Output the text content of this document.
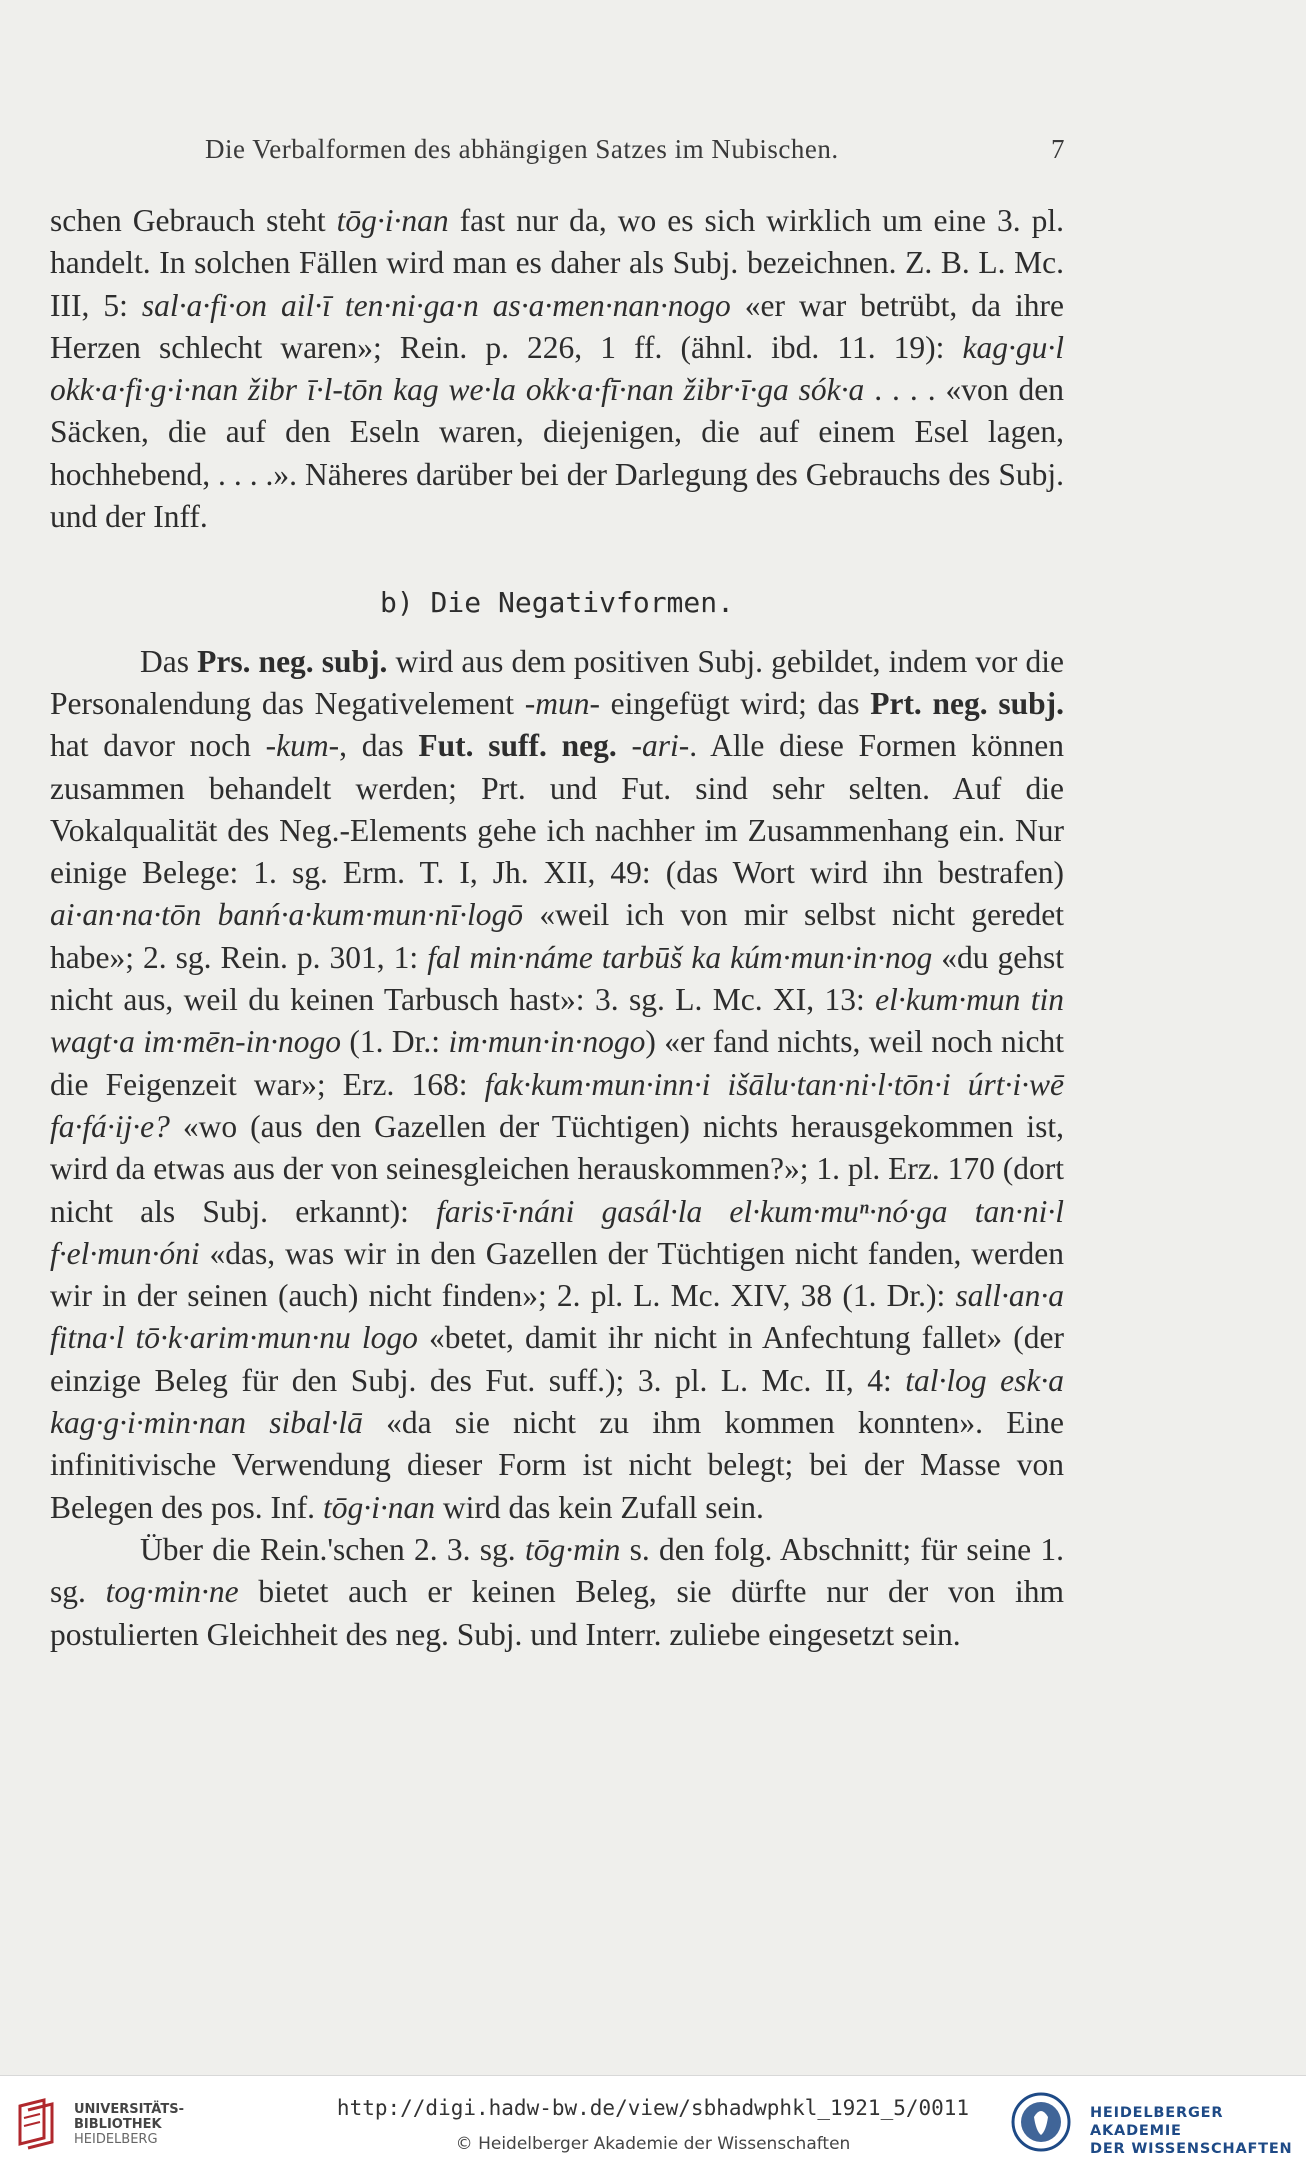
Die Verbalformen des abhängigen Satzes im Nubischen.	7

schen Gebrauch steht tōg·i·nan fast nur da, wo es sich wirklich um eine 3. pl. handelt. In solchen Fällen wird man es daher als Subj. bezeichnen. Z. B. L. Mc. III, 5: sal·a·fi·on ail·ī ten·ni·ga·n as·a·men·nan·nogo «er war betrübt, da ihre Herzen schlecht waren»; Rein. p. 226, 1 ff. (ähnl. ibd. 11. 19): kag·gu·l okk·a·fi·g·i·nan žibr ī·l-tōn kag we·la okk·a·fī·nan žibr·ī·ga sók·a . . . . «von den Säcken, die auf den Eseln waren, diejenigen, die auf einem Esel lagen, hochhebend, . . . .». Näheres darüber bei der Darlegung des Gebrauchs des Subj. und der Inff.

b) Die Negativformen.

Das Prs. neg. subj. wird aus dem positiven Subj. gebildet, indem vor die Personalendung das Negativelement -mun- eingefügt wird; das Prt. neg. subj. hat davor noch -kum-, das Fut. suff. neg. -ari-. Alle diese Formen können zusammen behandelt werden; Prt. und Fut. sind sehr selten. Auf die Vokalqualität des Neg.-Elements gehe ich nachher im Zusammenhang ein. Nur einige Belege: 1. sg. Erm. T. I, Jh. XII, 49: (das Wort wird ihn bestrafen) ai·an·na·tōn banń·a·kum·mun·nī·logō «weil ich von mir selbst nicht geredet habe»; 2. sg. Rein. p. 301, 1: fal min·náme tarbūš ka kúm·mun·in·nog «du gehst nicht aus, weil du keinen Tarbusch hast»: 3. sg. L. Mc. XI, 13: el·kum·mun tin wagt·a im·mēn-in·nogo (1. Dr.: im·mun·in·nogo) «er fand nichts, weil noch nicht die Feigenzeit war»; Erz. 168: fak·kum·mun·inn·i išālu·tan·ni·l·tōn·i úrt·i·wē fa·fá·ij·e? «wo (aus den Gazellen der Tüchtigen) nichts herausgekommen ist, wird da etwas aus der von seinesgleichen herauskommen?»; 1. pl. Erz. 170 (dort nicht als Subj. erkannt): faris·ī·náni gasál·la el·kum·muⁿ·nó·ga tan·ni·l f·el·mun·óni «das, was wir in den Gazellen der Tüchtigen nicht fanden, werden wir in der seinen (auch) nicht finden»; 2. pl. L. Mc. XIV, 38 (1. Dr.): sall·an·a fitna·l tō·k·arim·mun·nu logo «betet, damit ihr nicht in Anfechtung fallet» (der einzige Beleg für den Subj. des Fut. suff.); 3. pl. L. Mc. II, 4: tal·log esk·a kag·g·i·min·nan sibal·lā «da sie nicht zu ihm kommen konnten». Eine infinitivische Verwendung dieser Form ist nicht belegt; bei der Masse von Belegen des pos. Inf. tōg·i·nan wird das kein Zufall sein.

Über die Rein.'schen 2. 3. sg. tōg·min s. den folg. Abschnitt; für seine 1. sg. tog·min·ne bietet auch er keinen Beleg, sie dürfte nur der von ihm postulierten Gleichheit des neg. Subj. und Interr. zuliebe eingesetzt sein.

UNIVERSITÄTS-
BIBLIOTHEK
HEIDELBERG
http://digi.hadw-bw.de/view/sbhadwphkl_1921_5/0011
© Heidelberger Akademie der Wissenschaften
HEIDELBERGER AKADEMIE
DER WISSENSCHAFTEN
